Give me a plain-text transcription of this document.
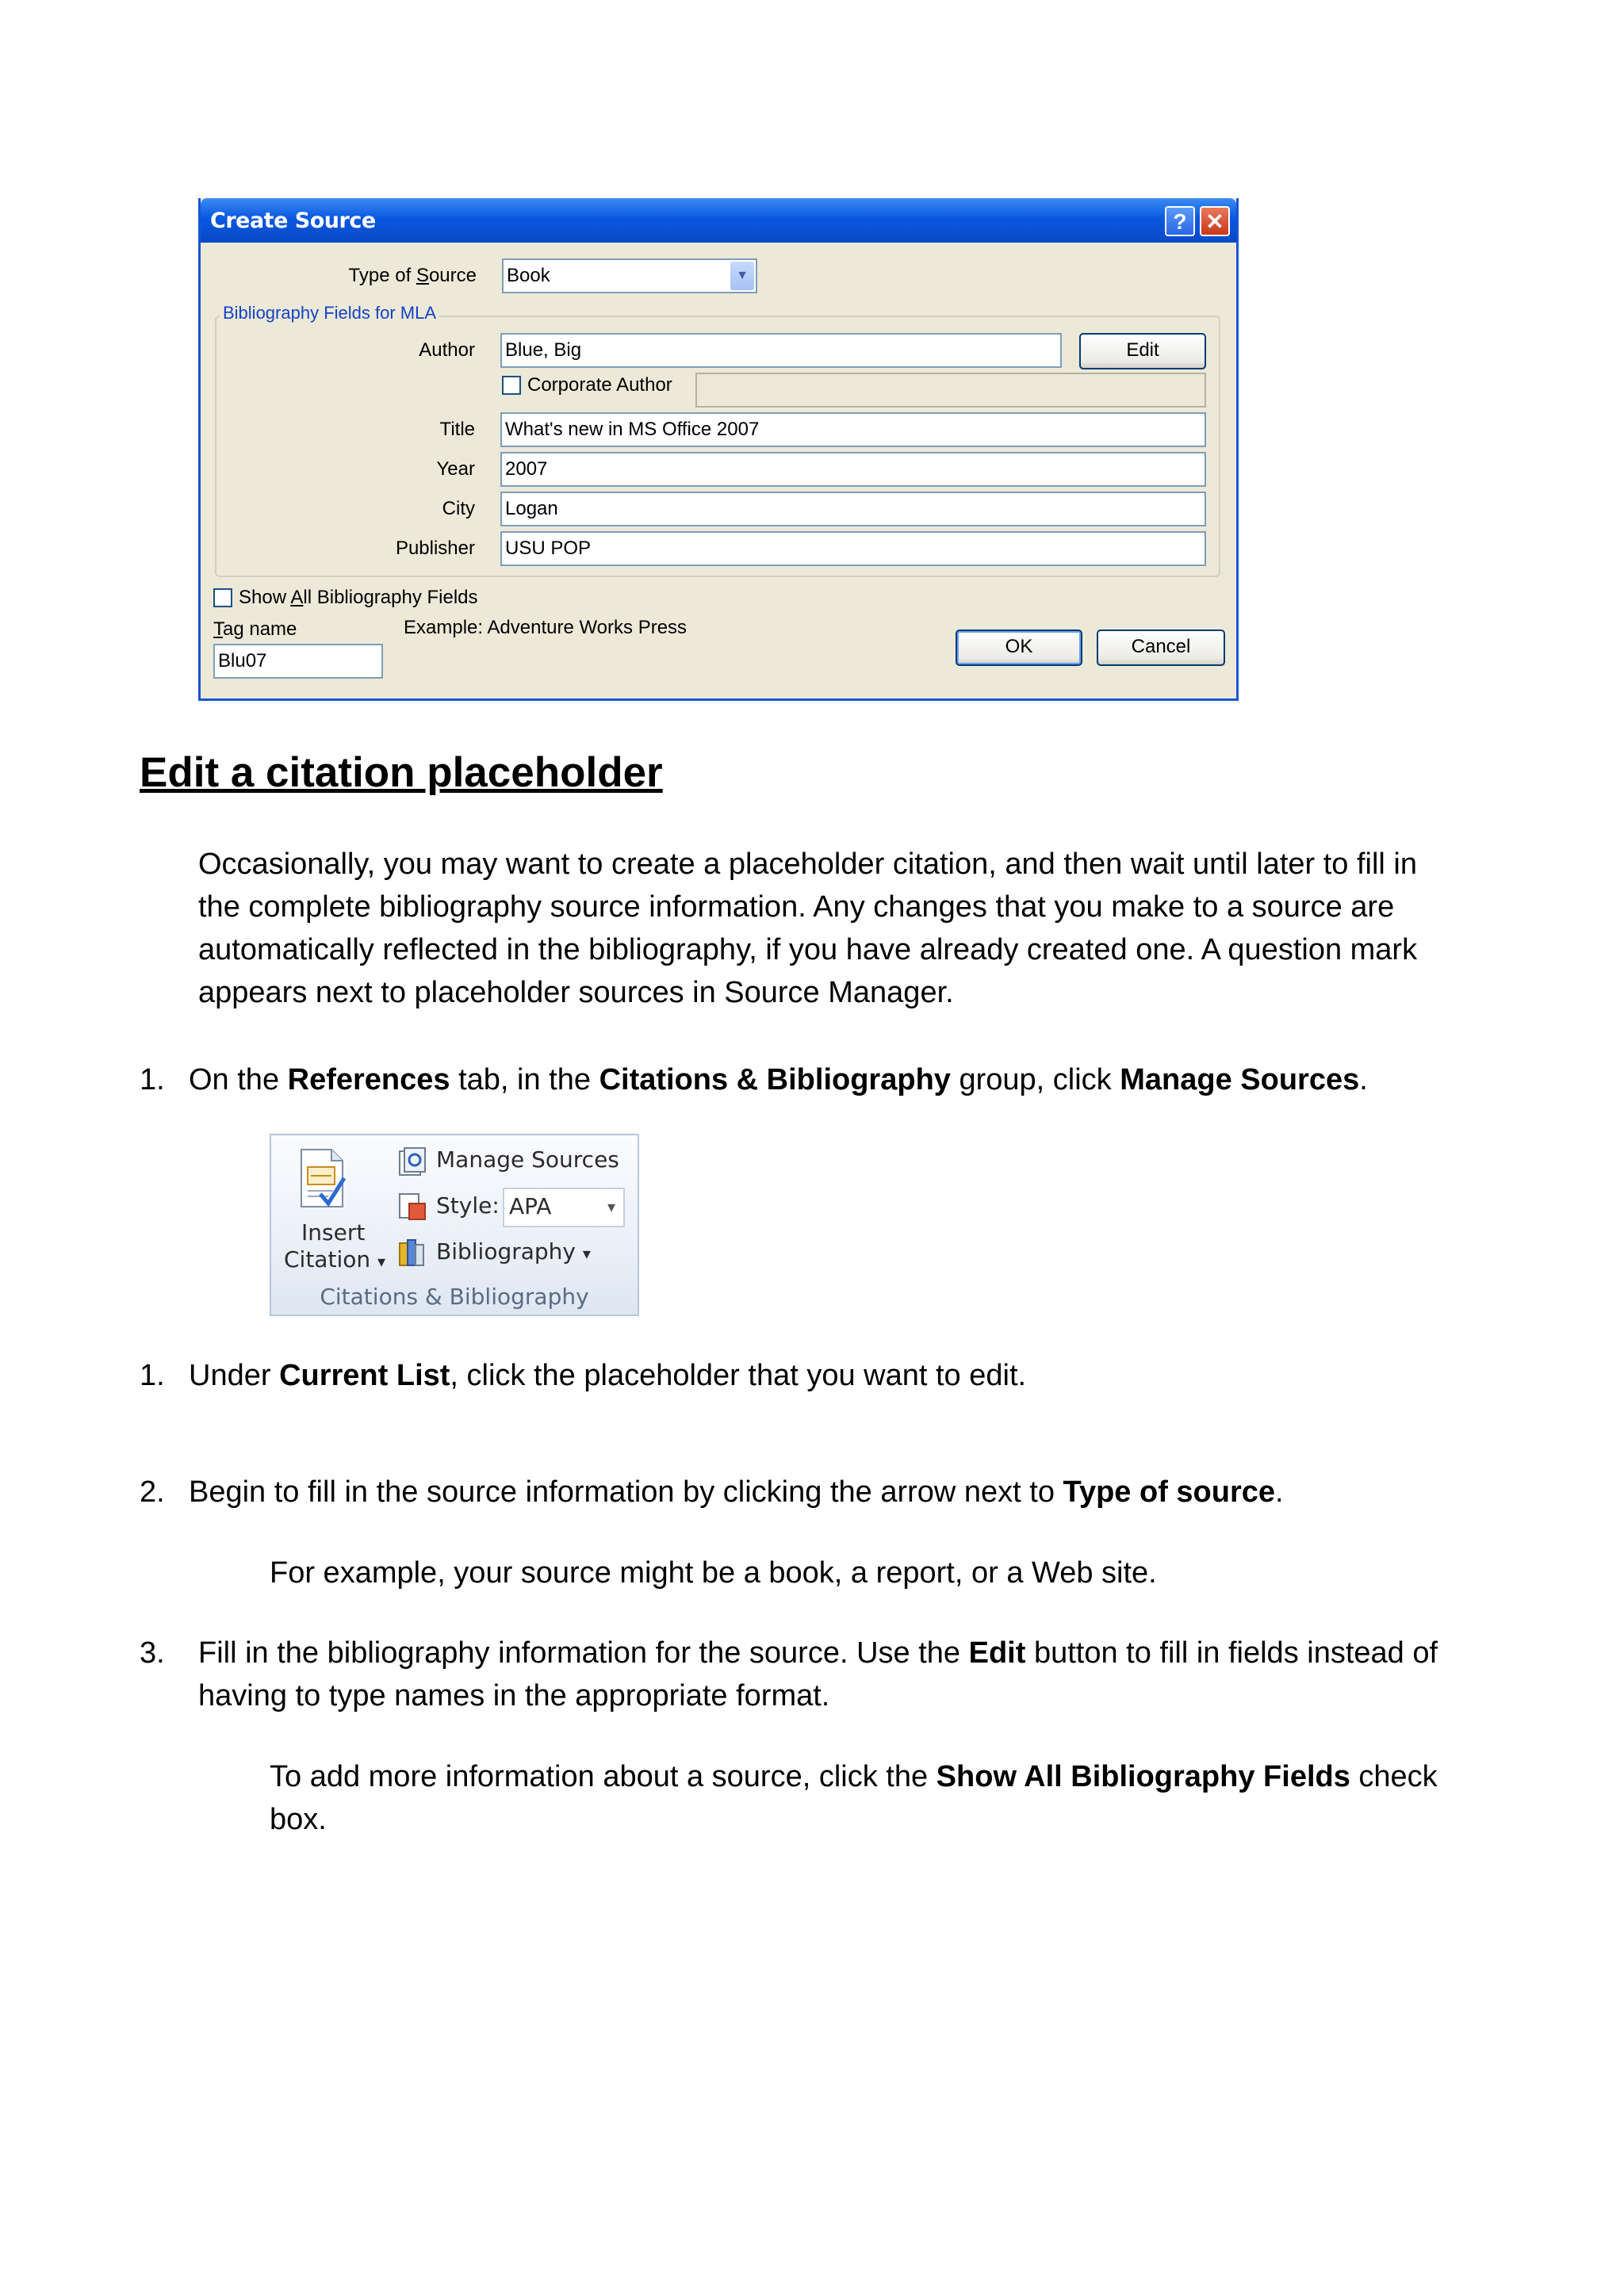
Create Source	? ✕
Type of Source Book	▼
Bibliography Fields for MLA
Author Blue, Big	Edit
Corporate Author
Title What's new in MS Office 2007
Year 2007
City Logan
Publisher USU POP
Show All Bibliography Fields
Tag name	Example: Adventure Works Press
Blu07
OK	Cancel
Edit a citation placeholder
Occasionally, you may want to create a placeholder citation, and then wait until later to fill in the complete bibliography source information. Any changes that you make to a source are automatically reflected in the bibliography, if you have already created one. A question mark appears next to placeholder sources in Source Manager.
1. On the References tab, in the Citations & Bibliography group, click Manage Sources.
Insert
Citation ▾
Manage Sources
Style: APA	▾
Bibliography ▾
Citations & Bibliography
1. Under Current List, click the placeholder that you want to edit.
2. Begin to fill in the source information by clicking the arrow next to Type of source.
For example, your source might be a book, a report, or a Web site.
3. Fill in the bibliography information for the source. Use the Edit button to fill in fields instead of having to type names in the appropriate format.
To add more information about a source, click the Show All Bibliography Fields check box.
